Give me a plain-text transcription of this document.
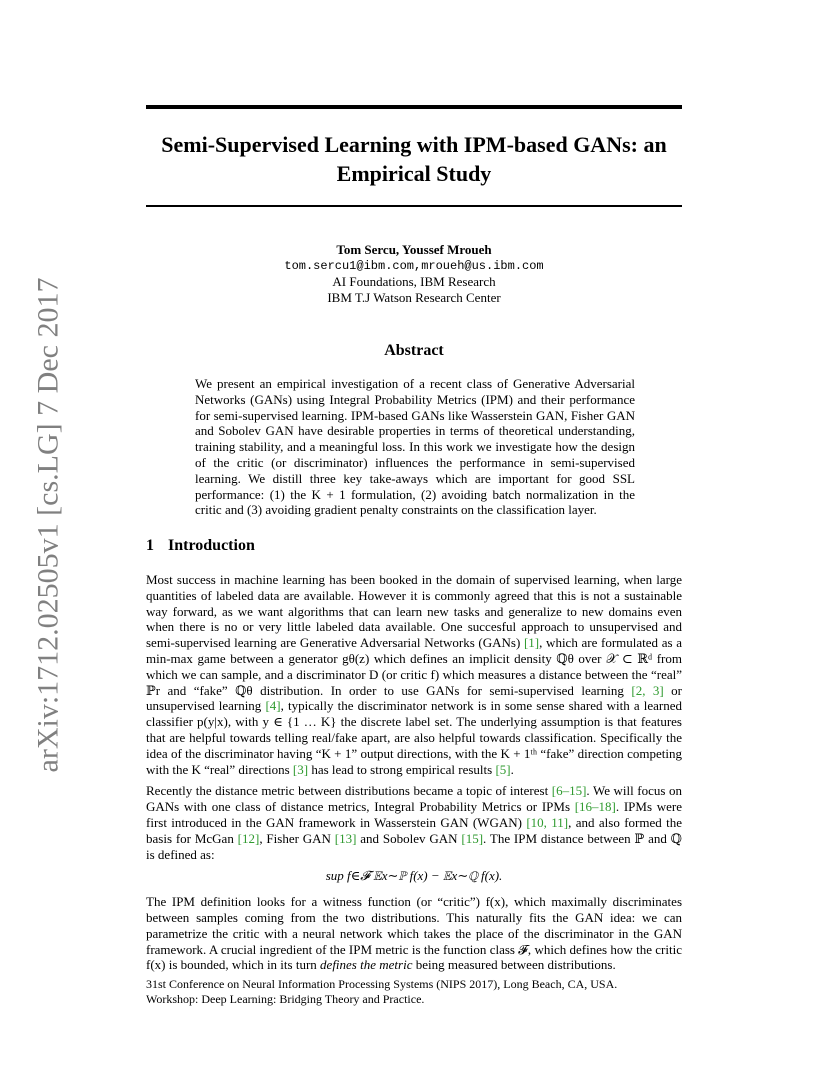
arXiv:1712.02505v1 [cs.LG] 7 Dec 2017
Semi-Supervised Learning with IPM-based GANs: an Empirical Study
Tom Sercu, Youssef Mroueh
tom.sercu1@ibm.com,mroueh@us.ibm.com
AI Foundations, IBM Research
IBM T.J Watson Research Center
Abstract
We present an empirical investigation of a recent class of Generative Adversarial Networks (GANs) using Integral Probability Metrics (IPM) and their performance for semi-supervised learning. IPM-based GANs like Wasserstein GAN, Fisher GAN and Sobolev GAN have desirable properties in terms of theoretical understanding, training stability, and a meaningful loss. In this work we investigate how the design of the critic (or discriminator) influences the performance in semi-supervised learning. We distill three key take-aways which are important for good SSL performance: (1) the K + 1 formulation, (2) avoiding batch normalization in the critic and (3) avoiding gradient penalty constraints on the classification layer.
1 Introduction

Most success in machine learning has been booked in the domain of supervised learning, when large quantities of labeled data are available. However it is commonly agreed that this is not a sustainable way forward, as we want algorithms that can learn new tasks and generalize to new domains even when there is no or very little labeled data available. One succesful approach to unsupervised and semi-supervised learning are Generative Adversarial Networks (GANs) [1], which are formulated as a min-max game between a generator gθ(z) which defines an implicit density ℚθ over 𝒳 ⊂ ℝᵈ from which we can sample, and a discriminator D (or critic f) which measures a distance between the “real” ℙr and “fake” ℚθ distribution. In order to use GANs for semi-supervised learning [2, 3] or unsupervised learning [4], typically the discriminator network is in some sense shared with a learned classifier p(y|x), with y ∈ {1 … K} the discrete label set. The underlying assumption is that features that are helpful towards telling real/fake apart, are also helpful towards classification. Specifically the idea of the discriminator having “K + 1” output directions, with the K + 1ᵗʰ “fake” direction competing with the K “real” directions [3] has lead to strong empirical results [5].

Recently the distance metric between distributions became a topic of interest [6–15]. We will focus on GANs with one class of distance metrics, Integral Probability Metrics or IPMs [16–18]. IPMs were first introduced in the GAN framework in Wasserstein GAN (WGAN) [10, 11], and also formed the basis for McGan [12], Fisher GAN [13] and Sobolev GAN [15]. The IPM distance between ℙ and ℚ is defined as:

sup f∈𝓕 𝔼x∼ℙ f(x) − 𝔼x∼ℚ f(x).

The IPM definition looks for a witness function (or “critic”) f(x), which maximally discriminates between samples coming from the two distributions. This naturally fits the GAN idea: we can parametrize the critic with a neural network which takes the place of the discriminator in the GAN framework. A crucial ingredient of the IPM metric is the function class 𝓕, which defines how the critic f(x) is bounded, which in its turn defines the metric being measured between distributions.

31st Conference on Neural Information Processing Systems (NIPS 2017), Long Beach, CA, USA.
Workshop: Deep Learning: Bridging Theory and Practice.
